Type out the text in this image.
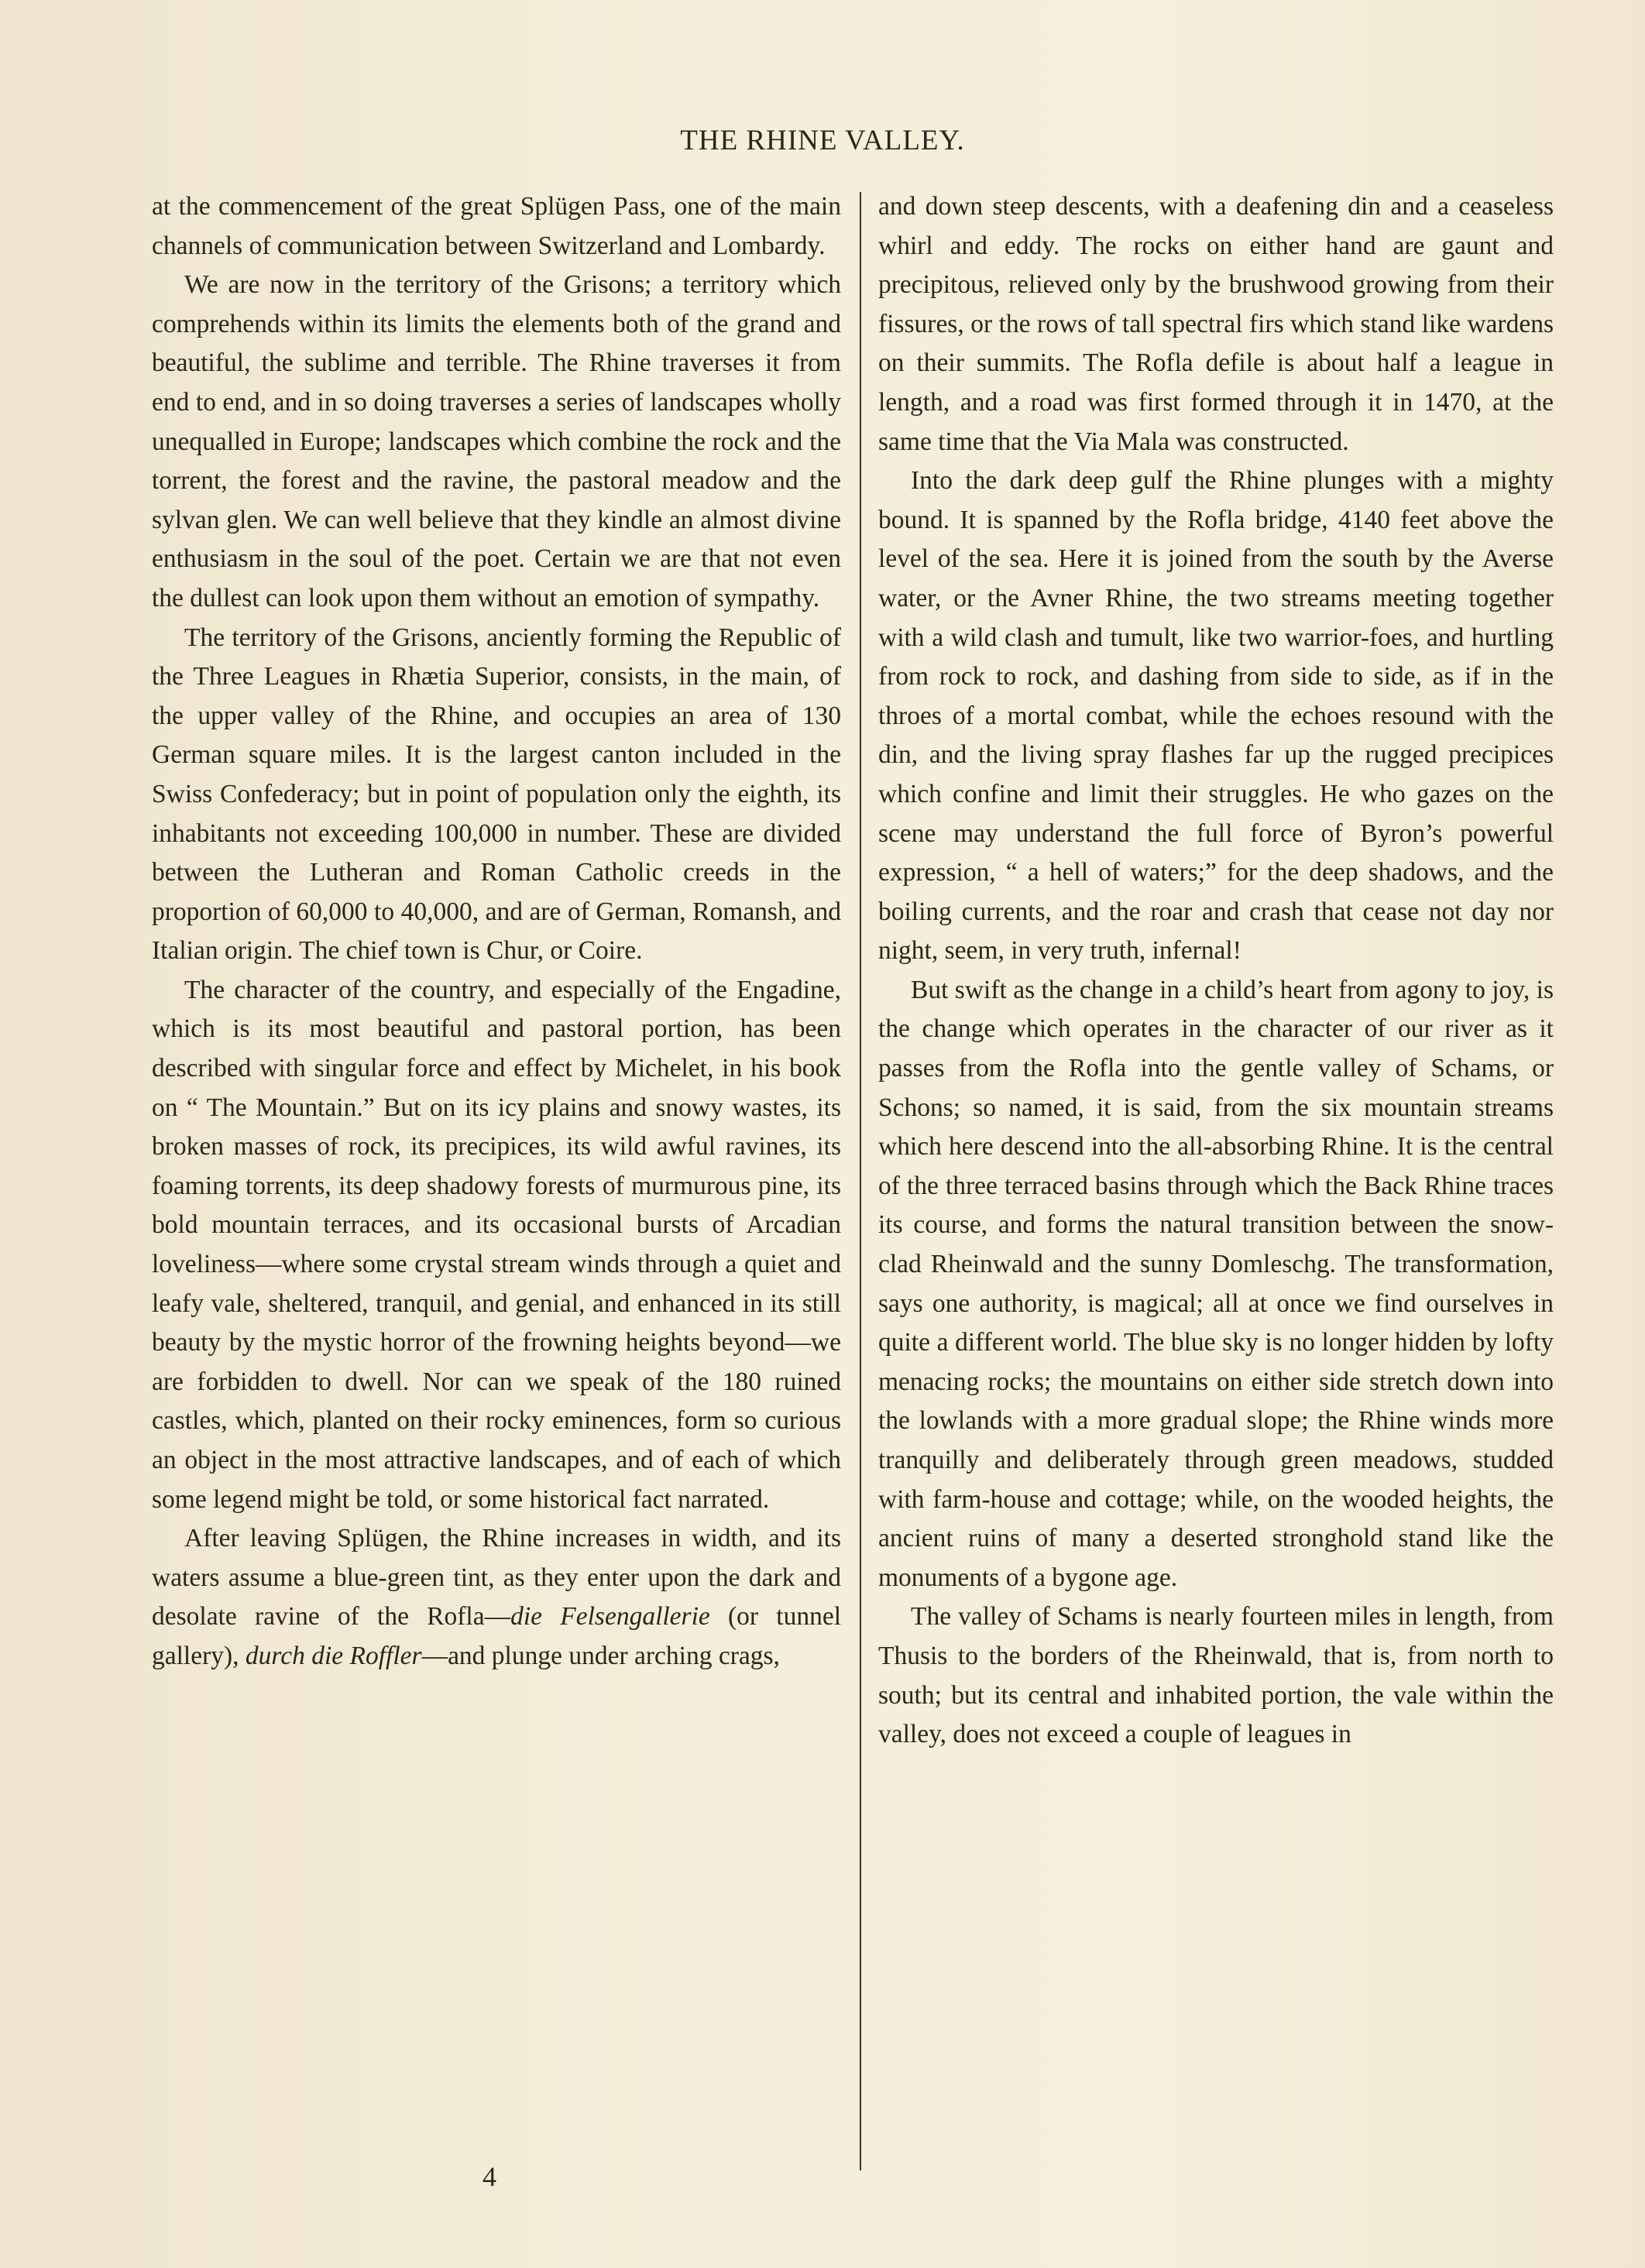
THE RHINE VALLEY.

at the commencement of the great Splügen Pass, one of the main channels of communication between Switzerland and Lombardy.

We are now in the territory of the Grisons; a territory which comprehends within its limits the elements both of the grand and beautiful, the sublime and terrible. The Rhine traverses it from end to end, and in so doing traverses a series of landscapes wholly unequalled in Europe; landscapes which combine the rock and the torrent, the forest and the ravine, the pastoral meadow and the sylvan glen. We can well believe that they kindle an almost divine enthusiasm in the soul of the poet. Certain we are that not even the dullest can look upon them without an emotion of sympathy.

The territory of the Grisons, anciently forming the Republic of the Three Leagues in Rhætia Superior, consists, in the main, of the upper valley of the Rhine, and occupies an area of 130 German square miles. It is the largest canton included in the Swiss Confederacy; but in point of population only the eighth, its inhabitants not exceeding 100,000 in number. These are divided between the Lutheran and Roman Catholic creeds in the proportion of 60,000 to 40,000, and are of German, Romansh, and Italian origin. The chief town is Chur, or Coire.

The character of the country, and especially of the Engadine, which is its most beautiful and pastoral portion, has been described with singular force and effect by Michelet, in his book on “ The Mountain.” But on its icy plains and snowy wastes, its broken masses of rock, its precipices, its wild awful ravines, its foaming torrents, its deep shadowy forests of murmurous pine, its bold mountain terraces, and its occasional bursts of Arcadian loveliness—where some crystal stream winds through a quiet and leafy vale, sheltered, tranquil, and genial, and enhanced in its still beauty by the mystic horror of the frowning heights beyond—we are forbidden to dwell. Nor can we speak of the 180 ruined castles, which, planted on their rocky eminences, form so curious an object in the most attractive landscapes, and of each of which some legend might be told, or some historical fact narrated.

After leaving Splügen, the Rhine increases in width, and its waters assume a blue-green tint, as they enter upon the dark and desolate ravine of the Rofla—die Felsengallerie (or tunnel gallery), durch die Roffler—and plunge under arching crags,

and down steep descents, with a deafening din and a ceaseless whirl and eddy. The rocks on either hand are gaunt and precipitous, relieved only by the brushwood growing from their fissures, or the rows of tall spectral firs which stand like wardens on their summits. The Rofla defile is about half a league in length, and a road was first formed through it in 1470, at the same time that the Via Mala was constructed.

Into the dark deep gulf the Rhine plunges with a mighty bound. It is spanned by the Rofla bridge, 4140 feet above the level of the sea. Here it is joined from the south by the Averse water, or the Avner Rhine, the two streams meeting together with a wild clash and tumult, like two warrior-foes, and hurtling from rock to rock, and dashing from side to side, as if in the throes of a mortal combat, while the echoes resound with the din, and the living spray flashes far up the rugged precipices which confine and limit their struggles. He who gazes on the scene may understand the full force of Byron’s powerful expression, “ a hell of waters;” for the deep shadows, and the boiling currents, and the roar and crash that cease not day nor night, seem, in very truth, infernal!

But swift as the change in a child’s heart from agony to joy, is the change which operates in the character of our river as it passes from the Rofla into the gentle valley of Schams, or Schons; so named, it is said, from the six mountain streams which here descend into the all-absorbing Rhine. It is the central of the three terraced basins through which the Back Rhine traces its course, and forms the natural transition between the snow-clad Rheinwald and the sunny Domleschg. The transformation, says one authority, is magical; all at once we find ourselves in quite a different world. The blue sky is no longer hidden by lofty menacing rocks; the mountains on either side stretch down into the lowlands with a more gradual slope; the Rhine winds more tranquilly and deliberately through green meadows, studded with farm-house and cottage; while, on the wooded heights, the ancient ruins of many a deserted stronghold stand like the monuments of a bygone age.

The valley of Schams is nearly fourteen miles in length, from Thusis to the borders of the Rheinwald, that is, from north to south; but its central and inhabited portion, the vale within the valley, does not exceed a couple of leagues in

4
